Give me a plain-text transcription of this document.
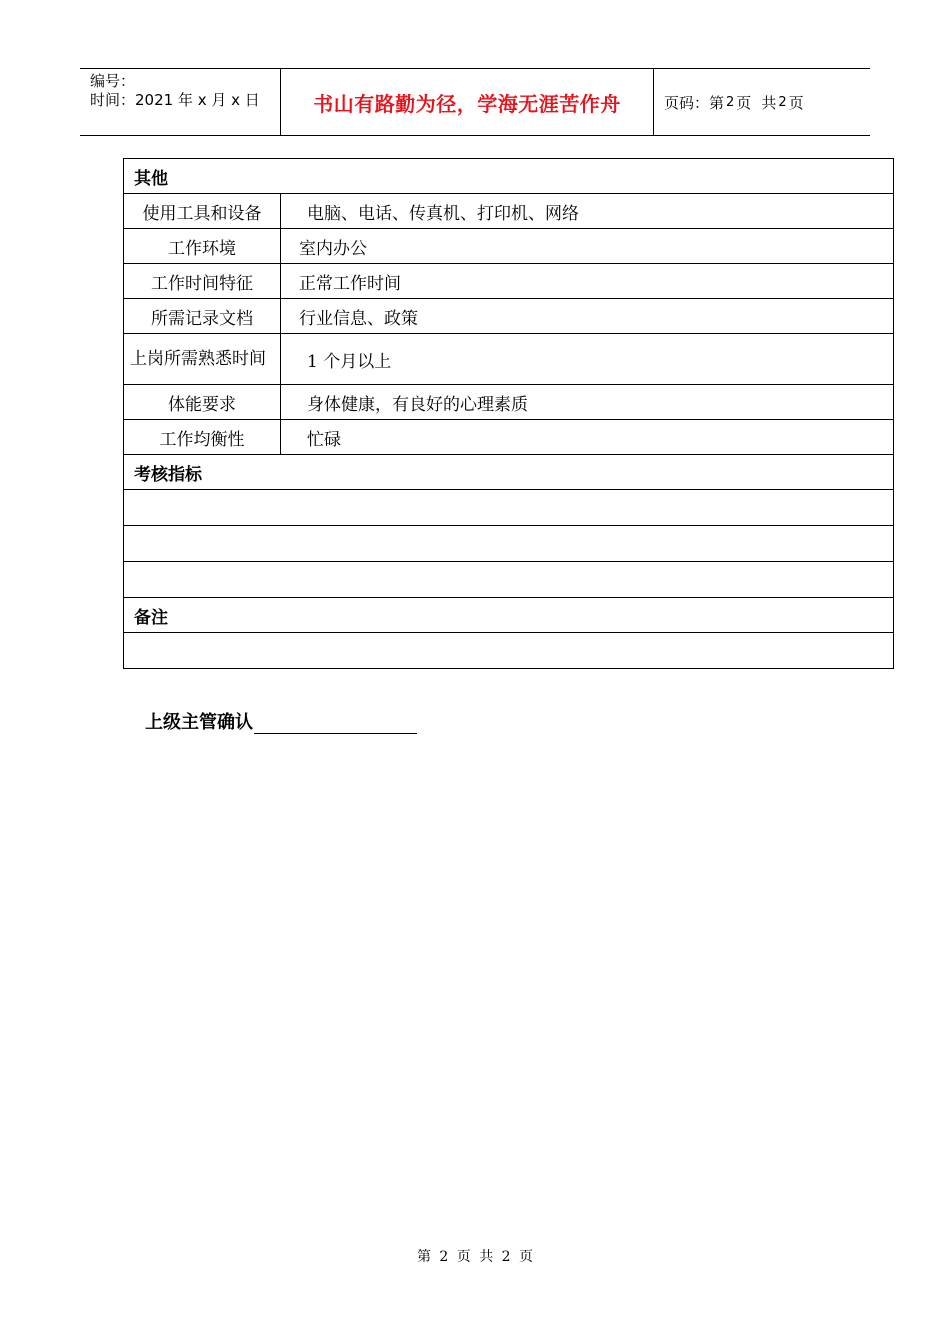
编号：
时间：2021 年 x 月 x 日	书山有路勤为径，学海无涯苦作舟	页码：第 2 页 共 2 页
其他	
使用工具和设备	电脑、电话、传真机、打印机、网络
工作环境	室内办公
工作时间特征	正常工作时间
所需记录文档	行业信息、政策
上岗所需熟悉时间	1 个月以上
体能要求	身体健康，有良好的心理素质
工作均衡性	忙碌
考核指标	

备注	

上级主管确认
第 2 页 共 2 页
